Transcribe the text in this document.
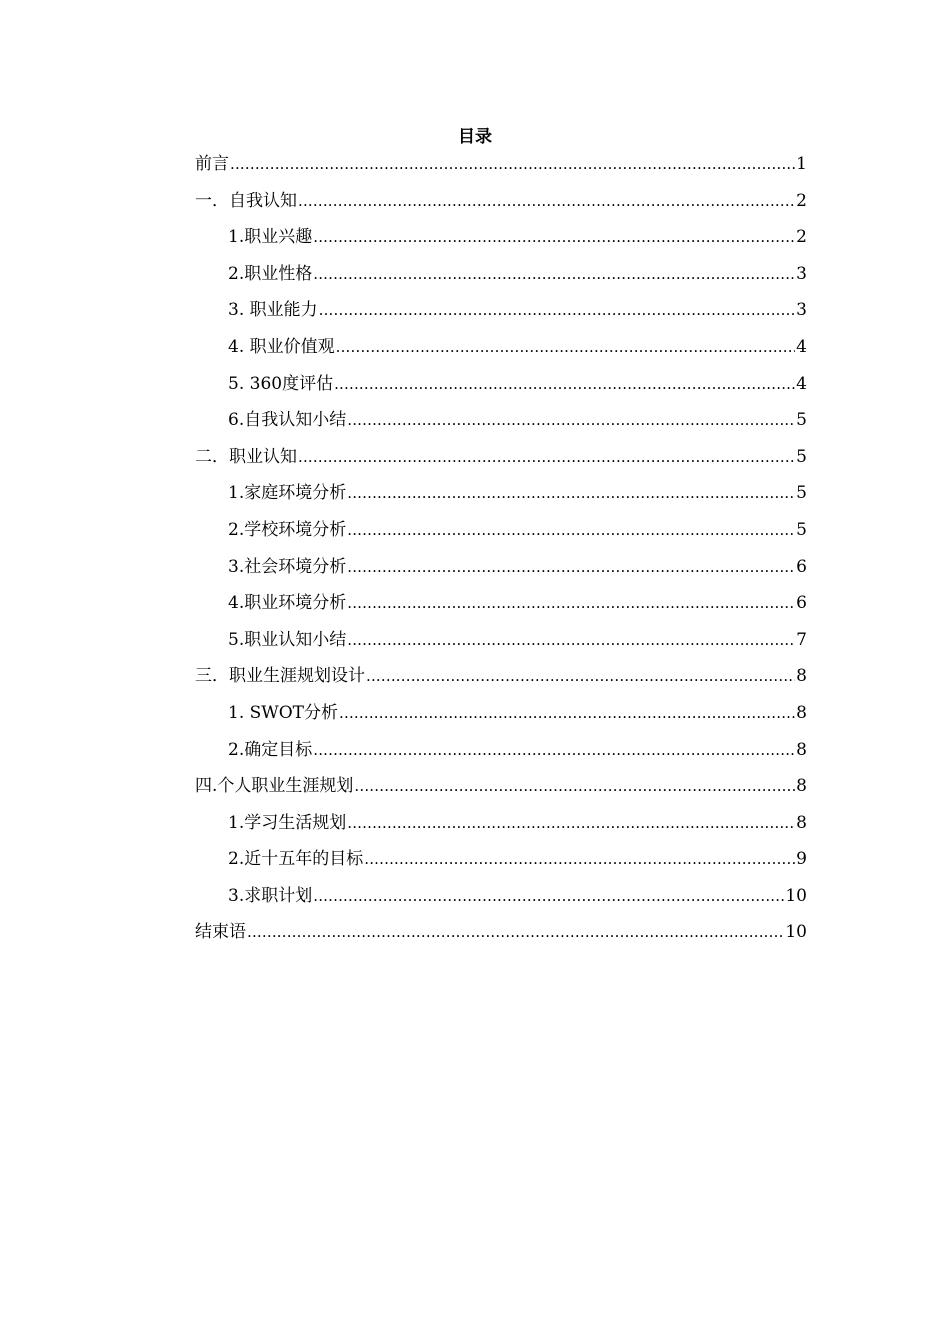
目录
前言 .....	1
一．自我认知 .....	2
1.职业兴趣 .....	2
2.职业性格 .....	3
3. 职业能力 .....	3
4. 职业价值观 .....	4
5. 360度评估 .....	4
6.自我认知小结 .....	5
二．职业认知 .....	5
1.家庭环境分析 .....	5
2.学校环境分析 .....	5
3.社会环境分析 .....	6
4.职业环境分析 .....	6
5.职业认知小结 .....	7
三．职业生涯规划设计 .....	8
1. SWOT分析 .....	8
2.确定目标 .....	8
四.个人职业生涯规划 .....	8
1.学习生活规划 .....	8
2.近十五年的目标 .....	9
3.求职计划 .....	10
结束语 .....	10
